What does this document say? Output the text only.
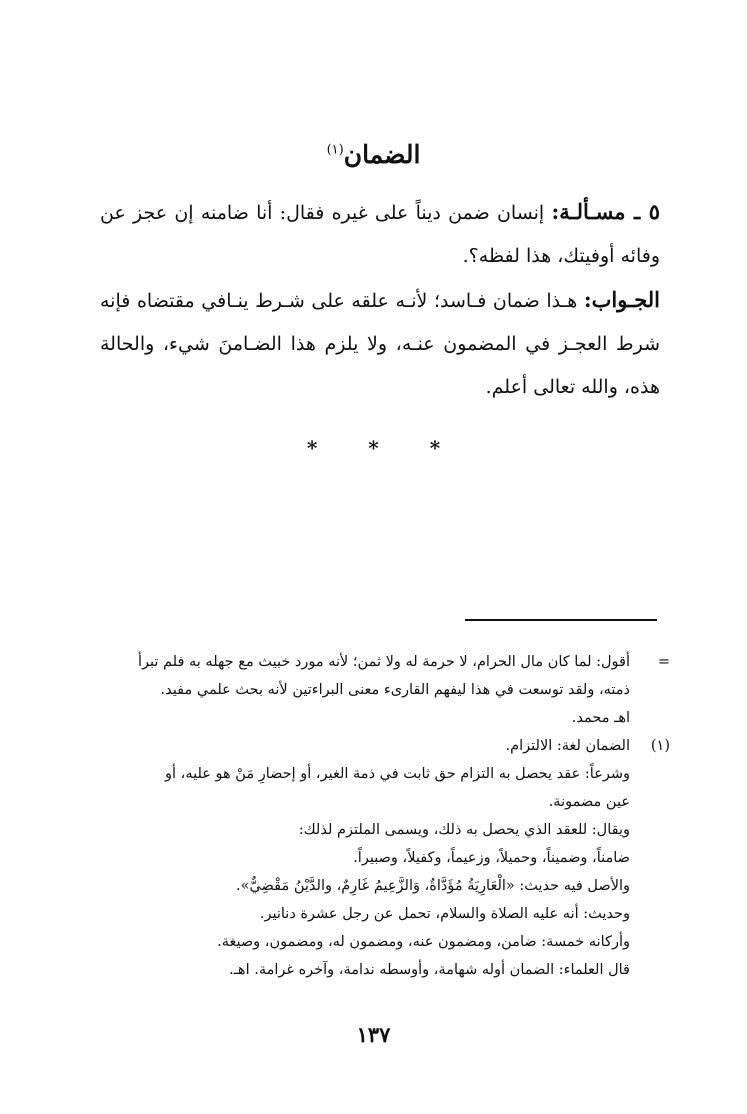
الضمان$^{(١)}$

٥ ـ مسـألـة: إنسان ضمن ديناً على غيره فقال: أنا ضامنه إن عجز عن وفائه أوفيتك، هذا لفظه؟.

الجـواب: هـذا ضمان فـاسد؛ لأنـه علقه على شـرط ينـافي مقتضاه فإنه شرط العجـز في المضمون عنـه، ولا يلزم هذا الضـامنَ شيء، والحالة هذه، والله تعالى أعلم.

*	*	*
=
أقول: لما كان مال الحرام، لا حرمة له ولا ثمن؛ لأنه مورد خبيث مع جهله به فلم تبرأ
ذمته، ولقد توسعت في هذا ليفهم القارىء معنى البراءتين لأنه بحث علمي مفيد.
اهـ محمد.
(١)
الضمان لغة: الالتزام.
وشرعاً: عقد يحصل به التزام حق ثابت في ذمة الغير، أو إحضارِ مَنْ هو عليه، أو
عين مضمونة.
ويقال: للعقد الذي يحصل به ذلك، ويسمى الملتزم لذلك:
ضامناً، وضميناً، وحميلاً، وزعيماً، وكفيلاً، وصبيراً.
والأصل فيه حديث: «الْعَارِيَةُ مُؤَدَّاةٌ، وَالزَّعِيمُ غَارِمٌ، والدَّيْنُ مَقْضِيٌّ».
وحديث: أنه عليه الصلاة والسلام، تحمل عن رجل عشرة دنانير.
وأركانه خمسة: ضامن، ومضمون عنه، ومضمون له، ومضمون، وصيغة.
قال العلماء: الضمان أوله شهامة، وأوسطه ندامة، وآخره غرامة. اهـ.
١٣٧
